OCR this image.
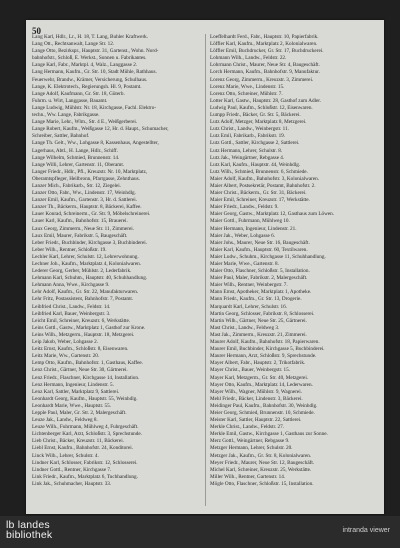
50
Lang Karl, Hdlr., Lr., H. 18, T. Lang, Buhler Kraftwerk.
Lang Ott., Rechtsanwalt, Lange Str. 12.
Lange Otto, Bezirkspr., Hauptstr. 31, Gartenst., Wohn. Nord-
bahnhofstr., Schloß, E. Werkst., Sonnen u. Fabrikantes.
Lange Karl, Fabr., Marktpl. 4, Walz., Langgasse 2.
Lang Hermann, Kaufm., Gr. Str. 10, Stadt Mühle, Rathhaus.
Feuerwehr, Brandw., Krämer, Versicherung, Schulhaus.
Lange, K. Elektrotech., Regierungsh. Hl. 9, Postamt.
Lange Adolf, Kaufmann, Gr. Str. 18, Güterb.
Fuhrm. u. Wirt, Langgasse, Bauamt.
Lange Ludwig, Mühlstr. Nr. 18, Kirchgasse, Fachl. Elektro-
techn., Ww. Lange, Fabrikgasse.
Lange Marie, Lehr., Wlm., Str. 4 E., Weißgerberei.
Lange Robert, Kaufm., Weißgasse 12, Hr. d. Haupt., Schumacher,
Schreiber, Sattler, Bahnhof.
Lange Th. Gelt., Ww., Lohgasse 8, Kassenhaus, Angestellter,
Lagerhaus, Abtl., H. Lange, Hdlr., Schiff.
Lange Wilhelm, Schmied, Brunnenstr. 14.
Lange Willi, Lehrer, Gartenstr. 11, Oberamt.
Langer Friedr., Hdlr., Pfl., Kreuzstr. Nr. 10, Marktplatz,
Oberamtspfleger, Heilbronn, Pfarrgasse, Zehnthaus.
Lanzer Mich., Fabrikarb., Str. 12, Ziegelei.
Lanzer Otto, Fabr., Ww., Lindenstr. 17, Weinhdlg.
Lanzer Emil, Kaufm., Gartenstr. 3, Hr. d. Sattlerei.
Lanzer Th., Bäckerm., Hauptstr. 8, Bäckerei, Kaffee.
Lauer Konrad, Schreinerm., Gr. Str. 9, Möbelschreinerei.
Lauer Karl, Kaufm., Bahnhofstr. 15, Brauerei.
Laux Georg, Zimmerm., Neue Str. 11, Zimmerei.
Laux Emil, Maurer, Fabrikstr. 5, Baugeschäft.
Leber Friedr., Buchbinder, Kirchgasse 3, Buchbinderei.
Leber Wilh., Rentner, Schloßstr. 19.
Lechler Karl, Lehrer, Schulstr. 12, Lehrerwohnung.
Lechner Joh., Kaufm., Marktplatz 4, Kolonialwaren.
Lederer Georg, Gerber, Mühlstr. 2, Lederfabrik.
Lehmann Karl, Schuhm., Hauptstr. 40, Schuhhandlung.
Lehmann Anna, Wwe., Kirchgasse 9.
Lehr Adolf, Kaufm., Gr. Str. 22, Manufakturwaren.
Lehr Fritz, Postassistent, Bahnhofstr. 7, Postamt.
Leibfried Christ., Landw., Feldstr. 14.
Leibfried Karl, Bauer, Weinbergstr. 3.
Leicht Emil, Schreiner, Kreuzstr. 6, Werkstätte.
Leins Gottl., Gastw., Marktplatz 1, Gasthof zur Krone.
Leins Wilh., Metzgerm., Hauptstr. 18, Metzgerei.
Leip Jakob, Weber, Lohgasse 2.
Leitz Ernst, Kaufm., Schloßstr. 8, Eisenwaren.
Leitz Marie, Ww., Gartenstr. 20.
Lemp Otto, Kaufm., Bahnhofstr. 1, Gasthaus, Kaffee.
Lenz Christ., Gärtner, Neue Str. 30, Gärtnerei.
Lenz Friedr., Flaschner, Kirchgasse 14, Installation.
Lenz Hermann, Ingenieur, Lindenstr. 5.
Lenz Karl, Sattler, Marktplatz 9, Sattlerei.
Leonhardt Georg, Kaufm., Hauptstr. 55, Weinhdlg.
Leonhardt Marie, Wwe., Hauptstr. 55.
Lepple Paul, Maler, Gr. Str. 2, Malergeschäft.
Leuze Jak., Landw., Feldweg 8.
Leuze Wilh., Fuhrmann, Mühlweg 4, Fuhrgeschäft.
Lichtenberger Karl, Arzt, Schloßstr. 3, Sprechstunde.
Lieb Christ., Bäcker, Kreuzstr. 11, Bäckerei.
Liebl Ernst, Kaufm., Bahnhofstr. 24, Konditorei.
Linck Wilh., Lehrer, Schulstr. 4.
Lindner Karl, Schlosser, Fabrikstr. 12, Schlosserei.
Lindner Gottl., Rentner, Kirchgasse 7.
Link Friedr., Kaufm., Marktplatz 6, Tuchhandlung.
Link Jak., Schuhmacher, Hauptstr. 33.
Loeffelhardt Ferd., Fabr., Hauptstr. 10, Papierfabrik.
Löffler Karl, Kaufm., Marktplatz 2, Kolonialwaren.
Löffler Emil, Buchdrucker, Gr. Str. 17, Buchdruckerei.
Lohmann Wilh., Landw., Feldstr. 22.
Lohrmann Christ., Maurer, Neue Str. 4, Baugeschäft.
Lorch Hermann, Kaufm., Bahnhofstr. 9, Manufaktur.
Lorenz Georg, Zimmerm., Kreuzstr. 3, Zimmerei.
Lorenz Marie, Wwe., Lindenstr. 15.
Lorenz Otto, Schreiner, Mühlstr. 7.
Lotter Karl, Gastw., Hauptstr. 28, Gasthof zum Adler.
Ludwig Paul, Kaufm., Schloßstr. 12, Eisenwaren.
Lumpp Friedr., Bäcker, Gr. Str. 5, Bäckerei.
Lutz Adolf, Metzger, Marktplatz 8, Metzgerei.
Lutz Christ., Landw., Weinbergstr. 11.
Lutz Emil, Fabrikarb., Fabrikstr. 19.
Lutz Gottl., Sattler, Kirchgasse 2, Sattlerei.
Lutz Hermann, Lehrer, Schulstr. 8.
Lutz Jak., Weingärtner, Rebgasse 4.
Lutz Karl, Kaufm., Hauptstr. 44, Weinhdlg.
Lutz Wilh., Schmied, Brunnenstr. 6, Schmiede.
Maier Adolf, Kaufm., Bahnhofstr. 3, Kolonialwaren.
Maier Albert, Postsekretär, Postamt, Bahnhofstr. 2.
Maier Christ., Bäckerm., Gr. Str. 31, Bäckerei.
Maier Emil, Schreiner, Kreuzstr. 17, Werkstätte.
Maier Friedr., Landw., Feldstr. 9.
Maier Georg, Gastw., Marktplatz 12, Gasthaus zum Löwen.
Maier Gottl., Fuhrmann, Mühlweg 10.
Maier Hermann, Ingenieur, Lindenstr. 21.
Maier Jak., Weber, Lohgasse 6.
Maier Johs., Maurer, Neue Str. 16, Baugeschäft.
Maier Karl, Kaufm., Hauptstr. 60, Textilwaren.
Maier Ludw., Schuhm., Kirchgasse 11, Schuhhandlung.
Maier Marie, Wwe., Gartenstr. 8.
Maier Otto, Flaschner, Schloßstr. 5, Installation.
Maier Paul, Maler, Fabrikstr. 2, Malergeschäft.
Maier Wilh., Rentner, Weinbergstr. 7.
Mann Ernst, Apotheker, Marktplatz 1, Apotheke.
Mann Friedr., Kaufm., Gr. Str. 13, Drogerie.
Marquardt Karl, Lehrer, Schulstr. 16.
Martin Georg, Schlosser, Fabrikstr. 8, Schlosserei.
Martin Wilh., Gärtner, Neue Str. 25, Gärtnerei.
Mast Christ., Landw., Feldweg 3.
Mast Jak., Zimmerm., Kreuzstr. 21, Zimmerei.
Maurer Adolf, Kaufm., Bahnhofstr. 18, Papierwaren.
Maurer Emil, Buchbinder, Kirchgasse 5, Buchbinderei.
Maurer Hermann, Arzt, Schloßstr. 9, Sprechstunde.
Mayer Albert, Fabr., Hauptstr. 2, Trikotfabrik.
Mayer Christ., Bauer, Weinbergstr. 15.
Mayer Karl, Metzgerm., Gr. Str. 40, Metzgerei.
Mayer Otto, Kaufm., Marktplatz 14, Lederwaren.
Mayer Wilh., Wagner, Mühlstr. 9, Wagnerei.
Mehl Friedr., Bäcker, Lindenstr. 3, Bäckerei.
Meidinger Paul, Kaufm., Bahnhofstr. 30, Weinhdlg.
Meier Georg, Schmied, Brunnenstr. 10, Schmiede.
Meister Karl, Sattler, Hauptstr. 22, Sattlerei.
Merkle Christ., Landw., Feldstr. 27.
Merkle Emil, Gastw., Kirchgasse 1, Gasthaus zur Sonne.
Merz Gottl., Weingärtner, Rebgasse 9.
Metzger Hermann, Lehrer, Schulstr. 20.
Metzger Jak., Kaufm., Gr. Str. 8, Kolonialwaren.
Meyer Friedr., Maurer, Neue Str. 12, Baugeschäft.
Michel Karl, Schreiner, Kreuzstr. 25, Werkstätte.
Miller Wilh., Rentner, Gartenstr. 14.
Mögle Otto, Flaschner, Schloßstr. 15, Installation.
lb landes
bibliothek	intranda viewer
